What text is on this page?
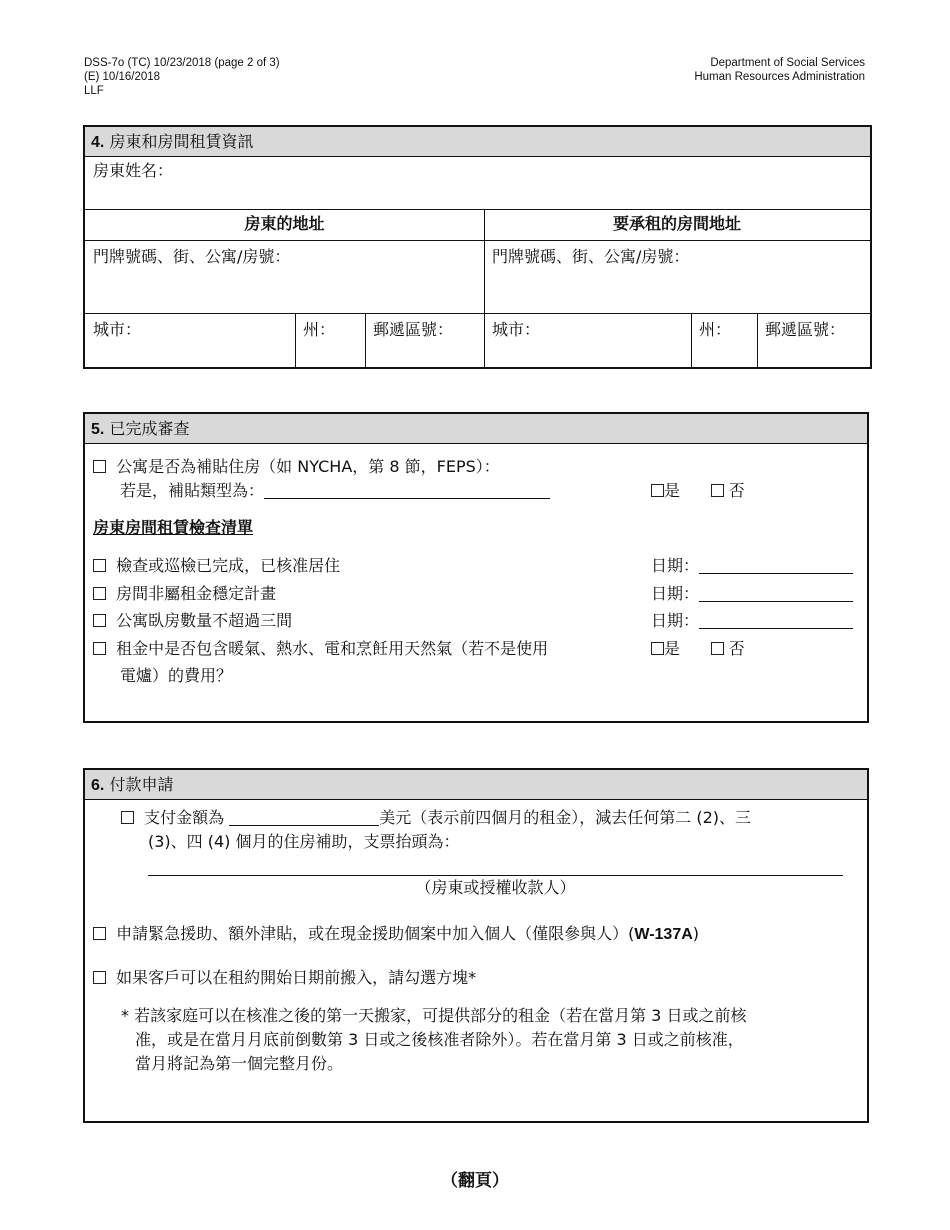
DSS-7o (TC) 10/23/2018 (page 2 of 3)
(E) 10/16/2018
LLF
Department of Social Services
Human Resources Administration
4. 房東和房間租賃資訊
房東姓名：
房東的地址	要承租的房間地址
門牌號碼、街、公寓/房號：	門牌號碼、街、公寓/房號：
城市：	州：	郵遞區號：	城市：	州：	郵遞區號：
5. 已完成審查
公寓是否為補貼住房（如 NYCHA，第 8 節，FEPS）：
若是，補貼類型為：	是	否
房東房間租賃檢查清單
檢查或巡檢已完成，已核准居住	日期：
房間非屬租金穩定計畫	日期：
公寓臥房數量不超過三間	日期：
租金中是否包含暖氣、熱水、電和烹飪用天然氣（若不是使用
電爐）的費用？
是	否
6. 付款申請
支付金額為	美元（表示前四個月的租金），減去任何第二 (2)、三
(3)、四 (4) 個月的住房補助，支票抬頭為：
（房東或授權收款人）
申請緊急援助、額外津貼，或在現金援助個案中加入個人（僅限參與人）(W-137A)
如果客戶可以在租約開始日期前搬入，請勾選方塊*
* 若該家庭可以在核准之後的第一天搬家，可提供部分的租金（若在當月第 3 日或之前核
准，或是在當月月底前倒數第 3 日或之後核准者除外）。若在當月第 3 日或之前核准，
當月將記為第一個完整月份。
（翻頁）
